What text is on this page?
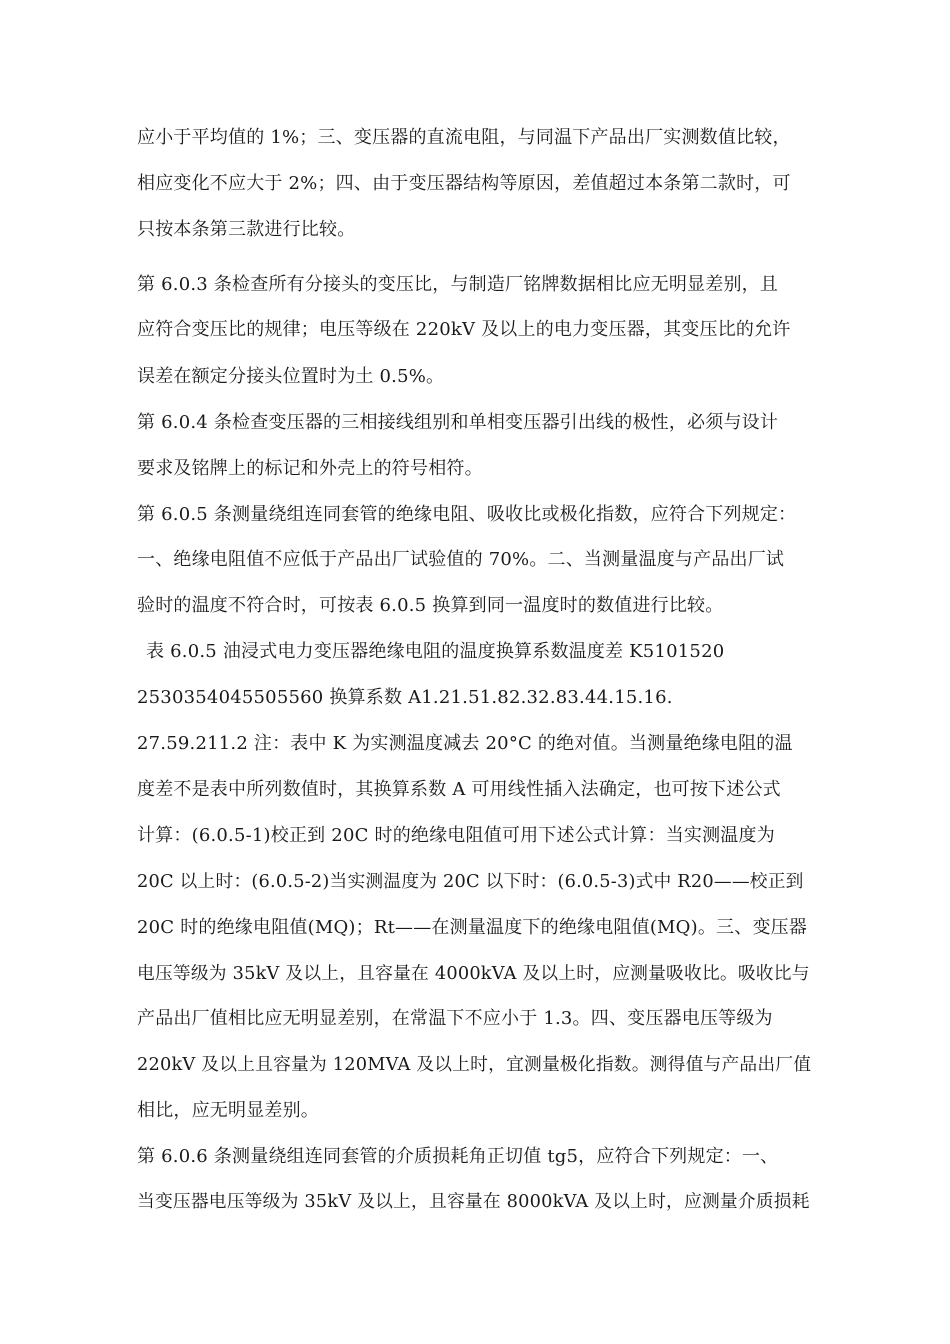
应小于平均值的 1%；三、变压器的直流电阻，与同温下产品出厂实测数值比较，
相应变化不应大于 2%；四、由于变压器结构等原因，差值超过本条第二款时，可
只按本条第三款进行比较。
第 6.0.3 条检查所有分接头的变压比，与制造厂铭牌数据相比应无明显差别，且
应符合变压比的规律；电压等级在 220kV 及以上的电力变压器，其变压比的允许
误差在额定分接头位置时为土 0.5%。
第 6.0.4 条检查变压器的三相接线组别和单相变压器引出线的极性，必须与设计
要求及铭牌上的标记和外壳上的符号相符。
第 6.0.5 条测量绕组连同套管的绝缘电阻、吸收比或极化指数，应符合下列规定：
一、绝缘电阻值不应低于产品出厂试验值的 70%。二、当测量温度与产品出厂试
验时的温度不符合时，可按表 6.0.5 换算到同一温度时的数值进行比较。
表 6.0.5 油浸式电力变压器绝缘电阻的温度换算系数温度差 K5101520
2530354045505560 换算系数 A1.21.51.82.32.83.44.15.16.
27.59.211.2 注：表中 K 为实测温度减去 20°C 的绝对值。当测量绝缘电阻的温
度差不是表中所列数值时，其换算系数 A 可用线性插入法确定，也可按下述公式
计算：(6.0.5-1)校正到 20C 时的绝缘电阻值可用下述公式计算：当实测温度为
20C 以上时：(6.0.5-2)当实测温度为 20C 以下时：(6.0.5-3)式中 R20——校正到
20C 时的绝缘电阻值(MQ)；Rt——在测量温度下的绝缘电阻值(MQ)。三、变压器
电压等级为 35kV 及以上，且容量在 4000kVA 及以上时，应测量吸收比。吸收比与
产品出厂值相比应无明显差别，在常温下不应小于 1.3。四、变压器电压等级为
220kV 及以上且容量为 120MVA 及以上时，宜测量极化指数。测得值与产品出厂值
相比，应无明显差别。
第 6.0.6 条测量绕组连同套管的介质损耗角正切值 tg5，应符合下列规定：一、
当变压器电压等级为 35kV 及以上，且容量在 8000kVA 及以上时，应测量介质损耗
